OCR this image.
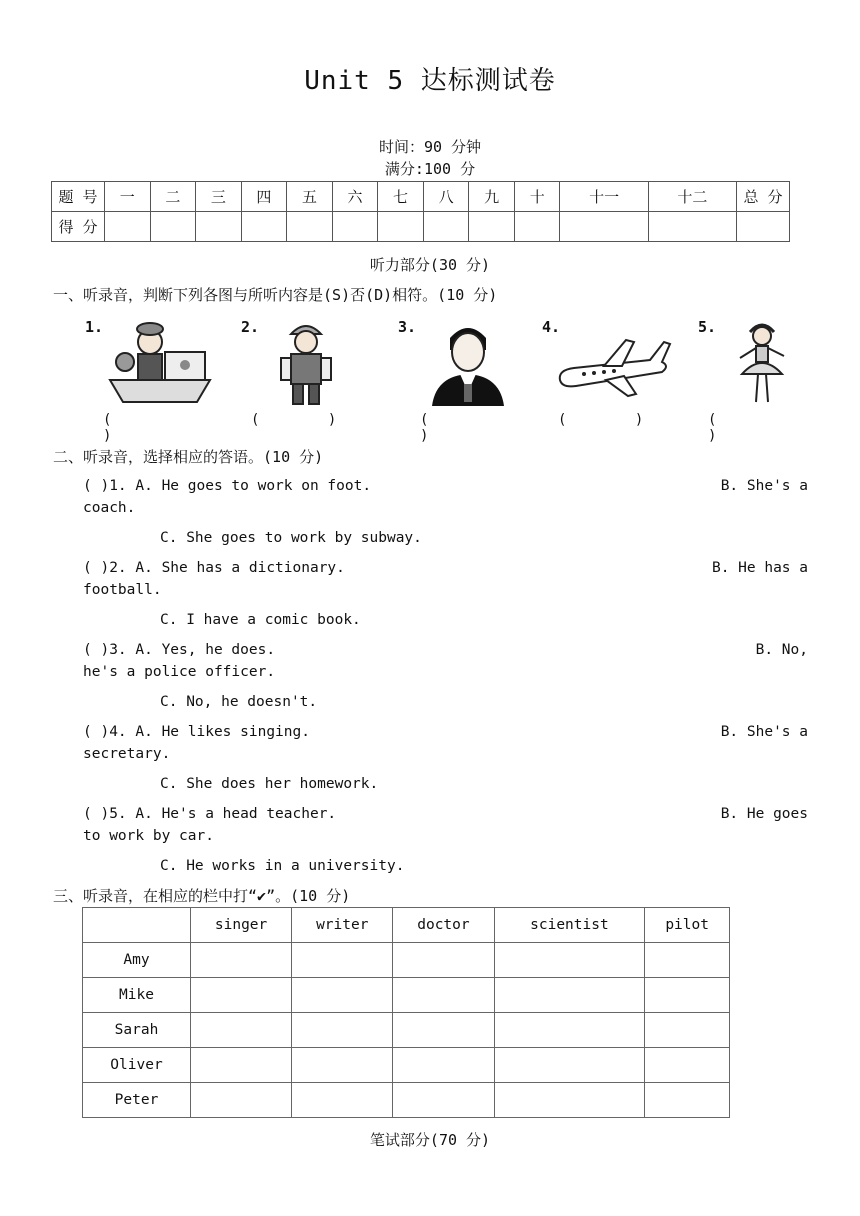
Unit 5 达标测试卷
时间：90 分钟
满分:100 分
题 号	一	二	三	四	五	六	七	八	九	十	十一	十二	总 分
得 分													
听力部分(30 分)
一、听录音，判断下列各图与所听内容是(S)否(D)相符。(10 分)
1.
( )
2.
( )
3.
( )
4.
( )
5.
( )
二、听录音，选择相应的答语。(10 分)
( )1. A. He goes to work on foot.	B. She's a
coach.
C. She goes to work by subway.
( )2. A. She has a dictionary.	B. He has a
football.
C. I have a comic book.
( )3. A. Yes, he does.	B. No,
he's a police officer.
C. No, he doesn't.
( )4. A. He likes singing.	B. She's a
secretary.
C. She does her homework.
( )5. A. He's a head teacher.	B. He goes
to work by car.
C. He works in a university.
三、听录音，在相应的栏中打“✔”。(10 分)
	singer	writer	doctor	scientist	pilot
Amy					
Mike					
Sarah					
Oliver					
Peter					
笔试部分(70 分)
